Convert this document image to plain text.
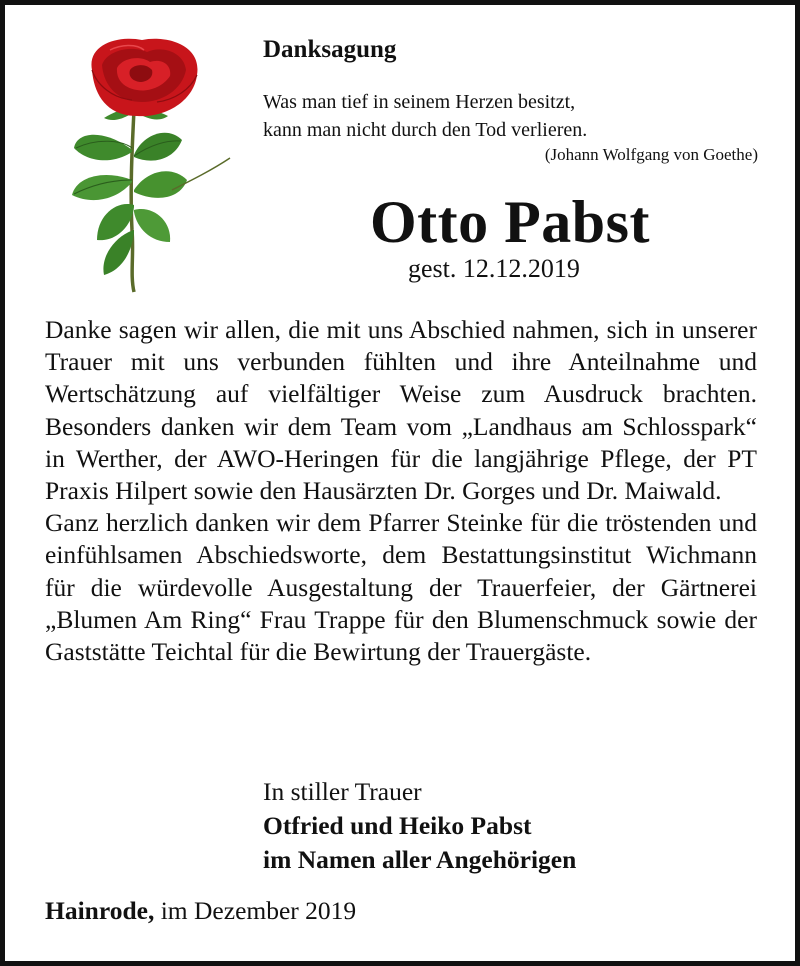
Danksagung
Was man tief in seinem Herzen besitzt,
kann man nicht durch den Tod verlieren.
(Johann Wolfgang von Goethe)
Otto Pabst
gest. 12.12.2019
Danke sagen wir allen, die mit uns Abschied nahmen, sich in unserer Trauer mit uns verbunden fühlten und ihre Anteilnahme und Wertschätzung auf vielfältiger Weise zum Ausdruck brachten. Besonders danken wir dem Team vom „Landhaus am Schlosspark“ in Werther, der AWO-Heringen für die langjährige Pflege, der PT Praxis Hilpert sowie den Hausärzten Dr. Gorges und Dr. Maiwald.
Ganz herzlich danken wir dem Pfarrer Steinke für die tröstenden und einfühlsamen Abschiedsworte, dem Bestattungsinstitut Wichmann für die würdevolle Ausgestaltung der Trauerfeier, der Gärtnerei „Blumen Am Ring“ Frau Trappe für den Blumenschmuck sowie der Gaststätte Teichtal für die Bewirtung der Trauergäste.
In stiller Trauer
Otfried und Heiko Pabst
im Namen aller Angehörigen
Hainrode, im Dezember 2019
